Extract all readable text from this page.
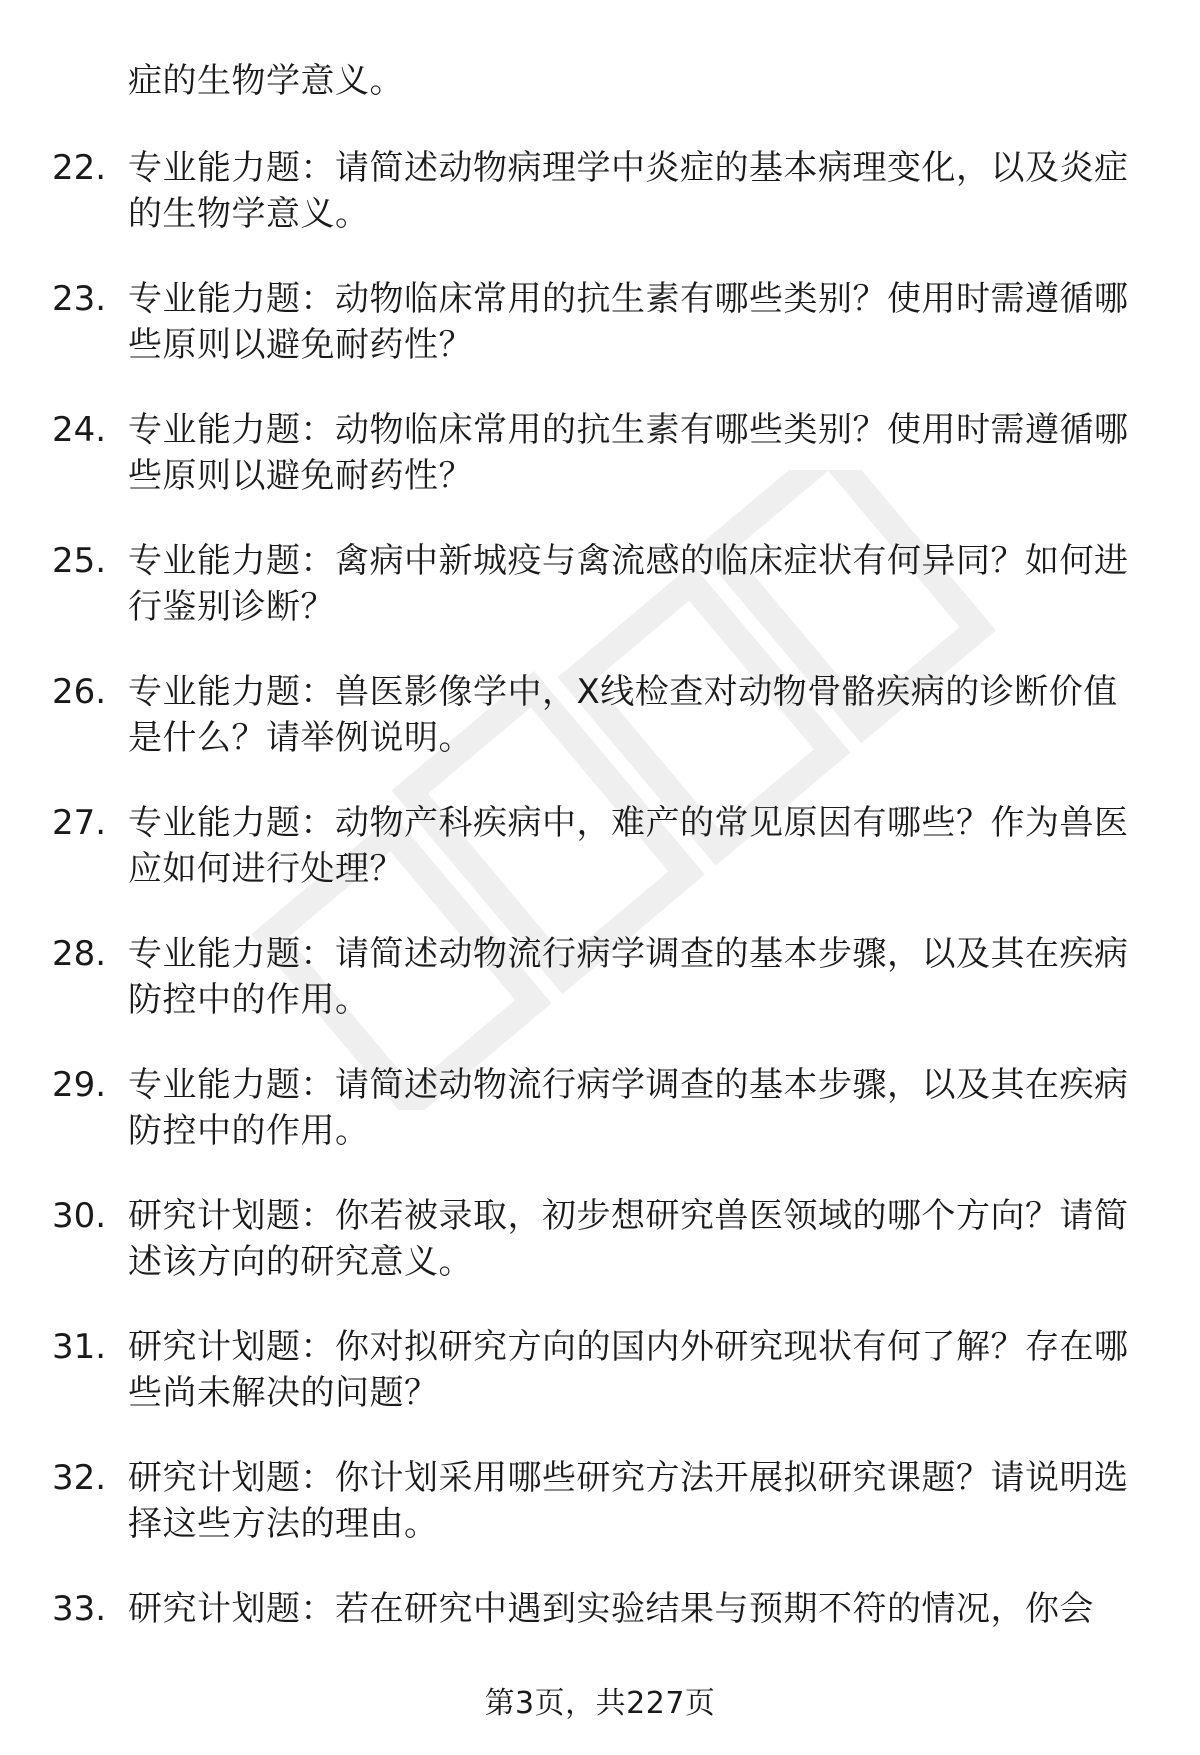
症的生物学意义。
22. 专业能力题：请简述动物病理学中炎症的基本病理变化，以及炎症的生物学意义。
23. 专业能力题：动物临床常用的抗生素有哪些类别？使用时需遵循哪些原则以避免耐药性？
24. 专业能力题：动物临床常用的抗生素有哪些类别？使用时需遵循哪些原则以避免耐药性？
25. 专业能力题：禽病中新城疫与禽流感的临床症状有何异同？如何进行鉴别诊断？
26. 专业能力题：兽医影像学中，X线检查对动物骨骼疾病的诊断价值是什么？请举例说明。
27. 专业能力题：动物产科疾病中，难产的常见原因有哪些？作为兽医应如何进行处理？
28. 专业能力题：请简述动物流行病学调查的基本步骤，以及其在疾病防控中的作用。
29. 专业能力题：请简述动物流行病学调查的基本步骤，以及其在疾病防控中的作用。
30. 研究计划题：你若被录取，初步想研究兽医领域的哪个方向？请简述该方向的研究意义。
31. 研究计划题：你对拟研究方向的国内外研究现状有何了解？存在哪些尚未解决的问题？
32. 研究计划题：你计划采用哪些研究方法开展拟研究课题？请说明选择这些方法的理由。
33. 研究计划题：若在研究中遇到实验结果与预期不符的情况，你会
第3页，共227页
